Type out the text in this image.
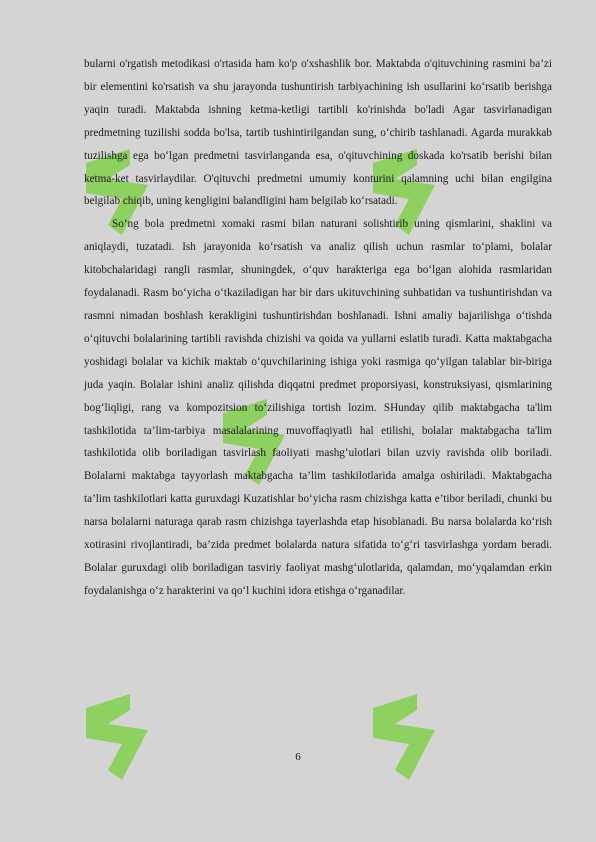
bularni o'rgatish metodikasi o'rtasida ham ko'p o'xshashlik bor. Maktabda o'qituvchining rasmini ba’zi bir elementini ko'rsatish va shu jarayonda tushuntirish tarbiyachining ish usullarini ko‘rsatib berishga yaqin turadi. Maktabda ishning ketma-ketligi tartibli ko'rinishda bo'ladi Agar tasvirlanadigan predmetning tuzilishi sodda bo'lsa, tartib tushintirilgandan sung, o‘chirib tashlanadi. Agarda murakkab tuzilishga ega bo‘lgan predmetni tasvirlanganda esa, o'qituvchining doskada ko'rsatib berishi bilan ketma-ket tasvirlaydilar. O'qituvchi predmetni umumiy konturini qalamning uchi bilan engilgina belgilab chiqib, uning kengligini balandligini ham belgilab ko‘rsatadi.

So‘ng bola predmetni xomaki rasmi bilan naturani solishtirib uning qismlarini, shaklini va aniqlaydi, tuzatadi. Ish jarayonida ko‘rsatish va analiz qilish uchun rasmlar to‘plami, bolalar kitobchalaridagi rangli rasmlar, shuningdek, o‘quv harakteriga ega bo‘lgan alohida rasmlaridan foydalanadi. Rasm bo‘yicha o‘tkaziladigan har bir dars ukituvchining suhbatidan va tushuntirishdan va rasmni nimadan boshlash kerakligini tushuntirishdan boshlanadi. Ishni amaliy bajarilishga o‘tishda o‘qituvchi bolalarining tartibli ravishda chizishi va qoida va yullarni eslatib turadi. Katta maktabgacha yoshidagi bolalar va kichik maktab o‘quvchilarining ishiga yoki rasmiga qo‘yilgan talablar bir-biriga juda yaqin. Bolalar ishini analiz qilishda diqqatni predmet proporsiyasi, konstruksiyasi, qismlarining bog‘liqligi, rang va kompozitsion to‘zilishiga tortish lozim. SHunday qilib maktabgacha ta'lim tashkilotida ta’lim-tarbiya masalalarining muvoffaqiyatli hal etilishi, bolalar maktabgacha ta'lim tashkilotida olib boriladigan tasvirlash faoliyati mashg‘ulotlari bilan uzviy ravishda olib boriladi. Bolalarni maktabga tayyorlash maktabgacha ta’lim tashkilotlarida amalga oshiriladi. Maktabgacha ta’lim tashkilotlari katta guruxdagi Kuzatishlar bo‘yicha rasm chizishga katta e’tibor beriladi, chunki bu narsa bolalarni naturaga qarab rasm chizishga tayerlashda etap hisoblanadi. Bu narsa bolalarda ko‘rish xotirasini rivojlantiradi, ba’zida predmet bolalarda natura sifatida to‘g‘ri tasvirlashga yordam beradi. Bolalar guruxdagi olib boriladigan tasviriy faoliyat mashg‘ulotlarida, qalamdan, mo‘yqalamdan erkin foydalanishga o‘z harakterini va qo‘l kuchini idora etishga o‘rganadilar.

6
